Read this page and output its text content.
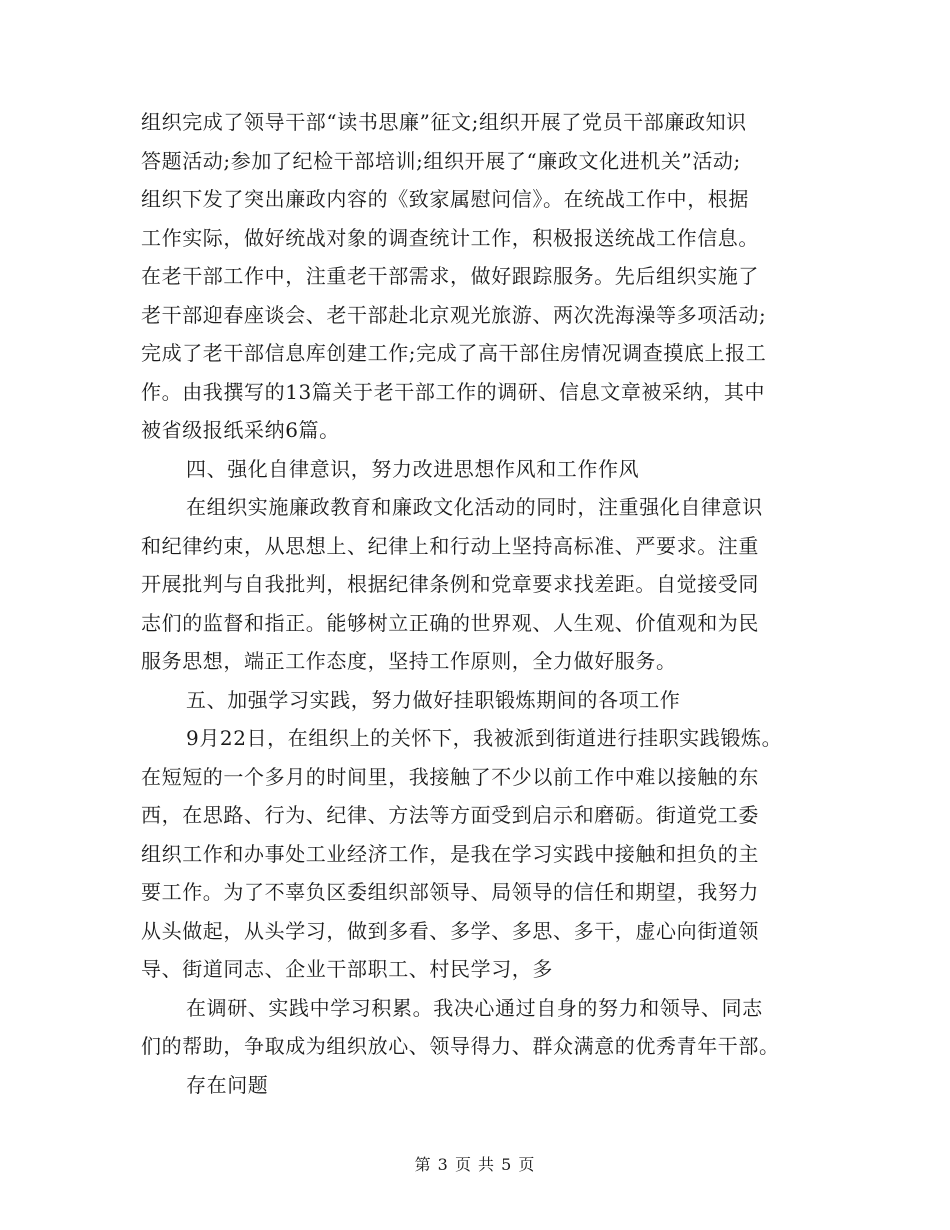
组织完成了领导干部“读书思廉”征文;组织开展了党员干部廉政知识
答题活动;参加了纪检干部培训;组织开展了“廉政文化进机关”活动;
组织下发了突出廉政内容的《致家属慰问信》。在统战工作中，根据
工作实际，做好统战对象的调查统计工作，积极报送统战工作信息。
在老干部工作中，注重老干部需求，做好跟踪服务。先后组织实施了
老干部迎春座谈会、老干部赴北京观光旅游、两次洗海澡等多项活动;
完成了老干部信息库创建工作;完成了高干部住房情况调查摸底上报工
作。由我撰写的13篇关于老干部工作的调研、信息文章被采纳，其中
被省级报纸采纳6篇。
四、强化自律意识，努力改进思想作风和工作作风
在组织实施廉政教育和廉政文化活动的同时，注重强化自律意识
和纪律约束，从思想上、纪律上和行动上坚持高标准、严要求。注重
开展批判与自我批判，根据纪律条例和党章要求找差距。自觉接受同
志们的监督和指正。能够树立正确的世界观、人生观、价值观和为民
服务思想，端正工作态度，坚持工作原则，全力做好服务。
五、加强学习实践，努力做好挂职锻炼期间的各项工作
9月22日，在组织上的关怀下，我被派到街道进行挂职实践锻炼。
在短短的一个多月的时间里，我接触了不少以前工作中难以接触的东
西，在思路、行为、纪律、方法等方面受到启示和磨砺。街道党工委
组织工作和办事处工业经济工作，是我在学习实践中接触和担负的主
要工作。为了不辜负区委组织部领导、局领导的信任和期望，我努力
从头做起，从头学习，做到多看、多学、多思、多干，虚心向街道领
导、街道同志、企业干部职工、村民学习，多
在调研、实践中学习积累。我决心通过自身的努力和领导、同志
们的帮助，争取成为组织放心、领导得力、群众满意的优秀青年干部。
存在问题
第 3 页 共 5 页
